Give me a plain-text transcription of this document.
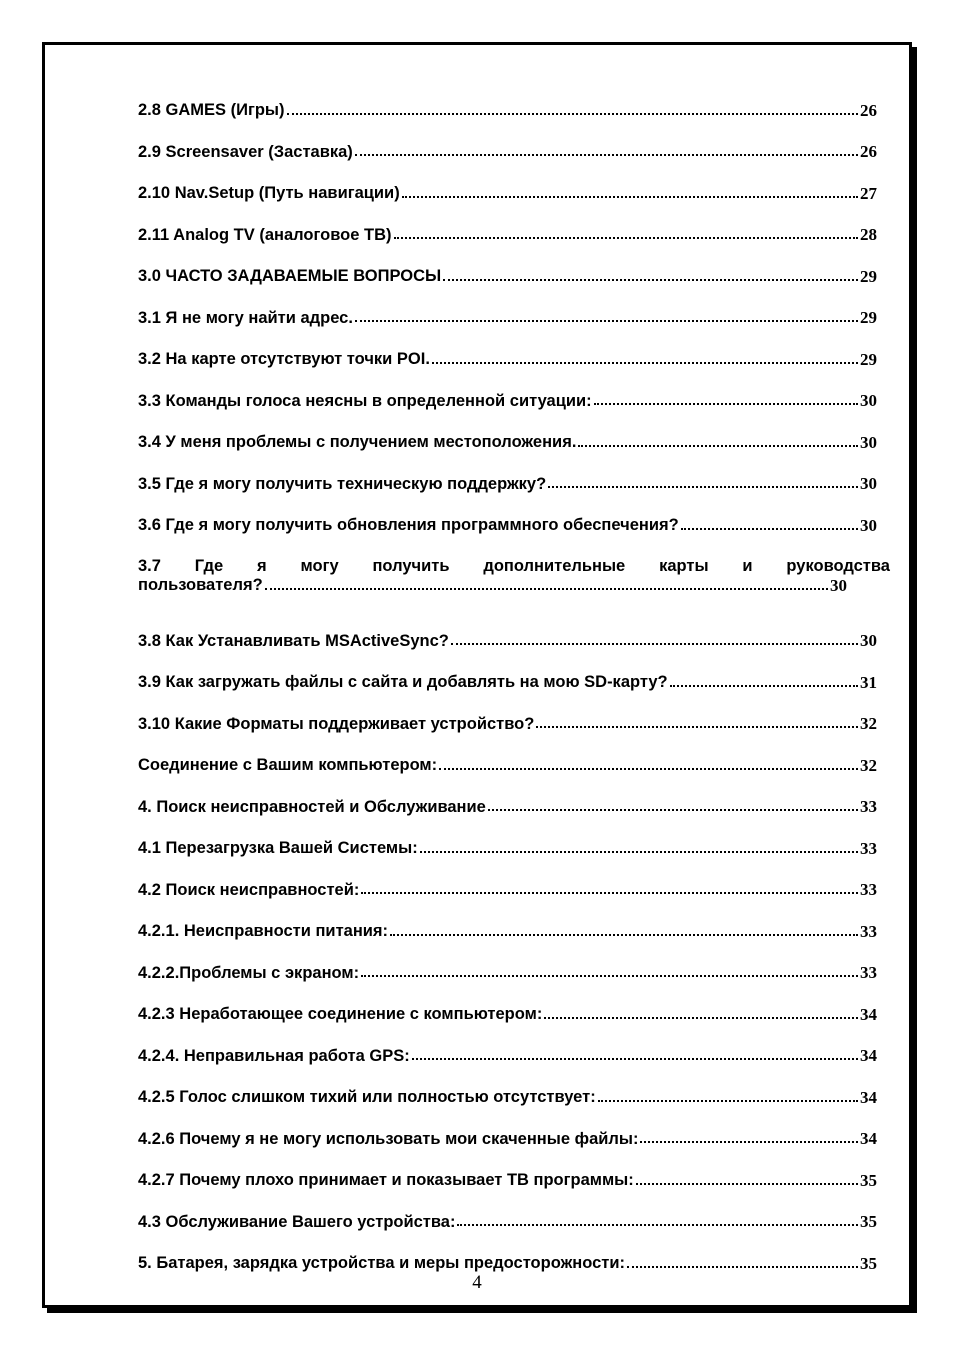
2.8 GAMES (Игры)	26
2.9 Screensaver (Заставка)	26
2.10 Nav.Setup (Путь навигации)	27
2.11 Analog TV (аналоговое ТВ)	28
3.0 ЧАСТО ЗАДАВАЕМЫЕ ВОПРОСЫ	29
3.1 Я не могу найти адрес.	29
3.2 На карте отсутствуют точки POI.	29
3.3 Команды голоса неясны в определенной ситуации:	30
3.4 У меня проблемы с получением местоположения.	30
3.5 Где я могу получить техническую поддержку?	30
3.6 Где я могу получить обновления программного обеспечения?	30
3.7 Где я могу получить дополнительные карты и руководства
пользователя?	30
3.8 Как Устанавливать MSActiveSync?	30
3.9 Как загружать файлы с сайта и добавлять на мою SD-карту?	31
3.10 Какие Форматы поддерживает устройство?	32
Соединение с Вашим компьютером:	32
4. Поиск неисправностей и Обслуживание	33
4.1 Перезагрузка Вашей Системы:	33
4.2 Поиск неисправностей:	33
4.2.1. Неисправности питания:	33
4.2.2.Проблемы с экраном:	33
4.2.3 Неработающее соединение с компьютером:	34
4.2.4. Неправильная работа GPS:	34
4.2.5 Голос слишком тихий или полностью отсутствует:	34
4.2.6 Почему я не могу использовать мои скаченные файлы:	34
4.2.7 Почему плохо принимает и показывает ТВ программы:	35
4.3 Обслуживание Вашего устройства:	35
5. Батарея, зарядка устройства и меры предосторожности:	35
4
